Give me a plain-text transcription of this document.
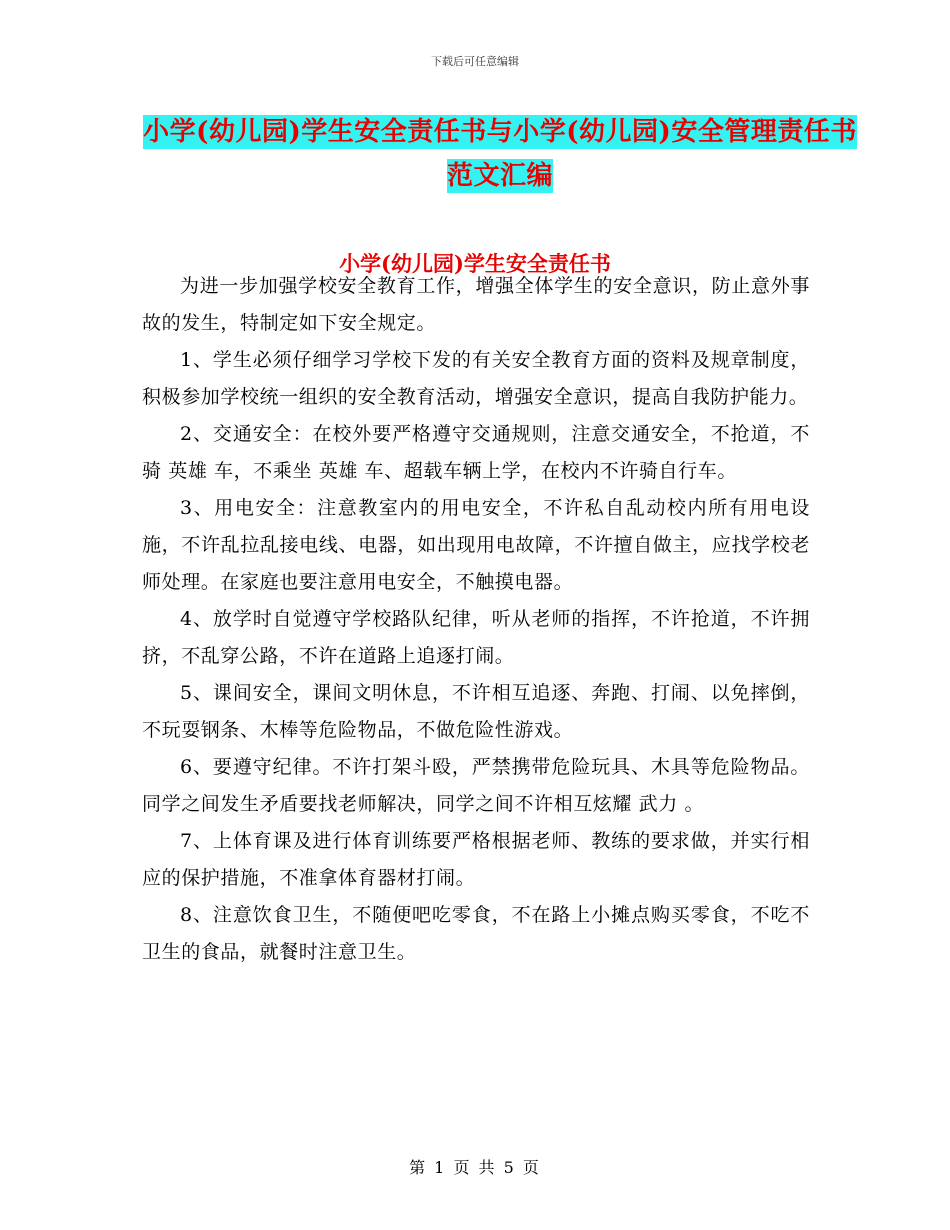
下载后可任意编辑
小学(幼儿园)学生安全责任书与小学(幼儿园)安全管理责任书 范文汇编
小学(幼儿园)学生安全责任书

为进一步加强学校安全教育工作，增强全体学生的安全意识，防止意外事故的发生，特制定如下安全规定。

1、学生必须仔细学习学校下发的有关安全教育方面的资料及规章制度，积极参加学校统一组织的安全教育活动，增强安全意识，提高自我防护能力。

2、交通安全：在校外要严格遵守交通规则，注意交通安全，不抢道，不骑 英雄 车，不乘坐 英雄 车、超载车辆上学，在校内不许骑自行车。

3、用电安全：注意教室内的用电安全，不许私自乱动校内所有用电设施，不许乱拉乱接电线、电器，如出现用电故障，不许擅自做主，应找学校老师处理。在家庭也要注意用电安全，不触摸电器。

4、放学时自觉遵守学校路队纪律，听从老师的指挥，不许抢道，不许拥挤，不乱穿公路，不许在道路上追逐打闹。

5、课间安全，课间文明休息，不许相互追逐、奔跑、打闹、以免摔倒，不玩耍钢条、木棒等危险物品，不做危险性游戏。

6、要遵守纪律。不许打架斗殴，严禁携带危险玩具、木具等危险物品。同学之间发生矛盾要找老师解决，同学之间不许相互炫耀 武力 。

7、上体育课及进行体育训练要严格根据老师、教练的要求做，并实行相应的保护措施，不准拿体育器材打闹。

8、注意饮食卫生，不随便吧吃零食，不在路上小摊点购买零食，不吃不卫生的食品，就餐时注意卫生。

第 1 页 共 5 页
